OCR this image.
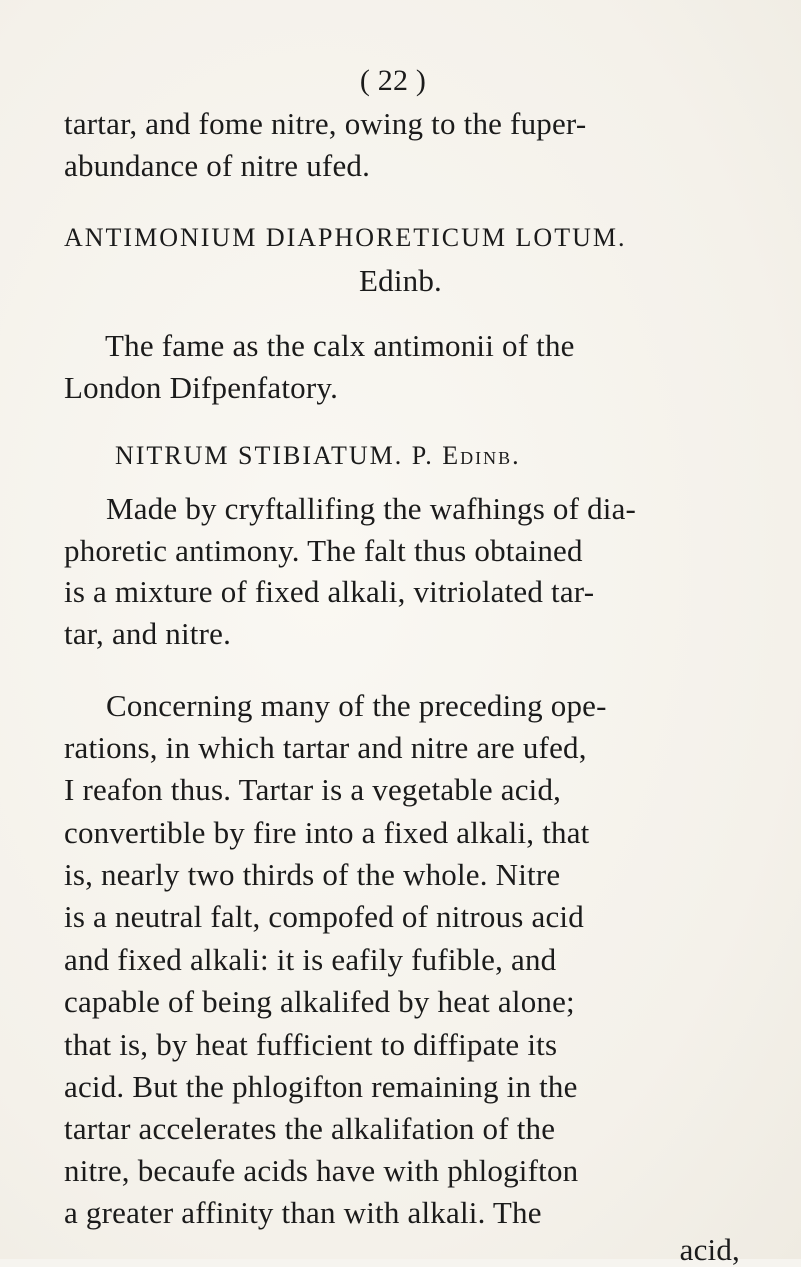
( 22 )
tartar, and fome nitre, owing to the fuper-
abundance of nitre ufed.
ANTIMONIUM DIAPHORETICUM LOTUM.
Edinb.
The fame as the calx antimonii of the
London Difpenfatory.
NITRUM STIBIATUM. P. Edinb.
Made by cryftallifing the wafhings of dia-
phoretic antimony. The falt thus obtained
is a mixture of fixed alkali, vitriolated tar-
tar, and nitre.
Concerning many of the preceding ope-
rations, in which tartar and nitre are ufed,
I reafon thus. Tartar is a vegetable acid,
convertible by fire into a fixed alkali, that
is, nearly two thirds of the whole. Nitre
is a neutral falt, compofed of nitrous acid
and fixed alkali: it is eafily fufible, and
capable of being alkalifed by heat alone;
that is, by heat fufficient to diffipate its
acid. But the phlogifton remaining in the
tartar accelerates the alkalifation of the
nitre, becaufe acids have with phlogifton
a greater affinity than with alkali. The
acid,
